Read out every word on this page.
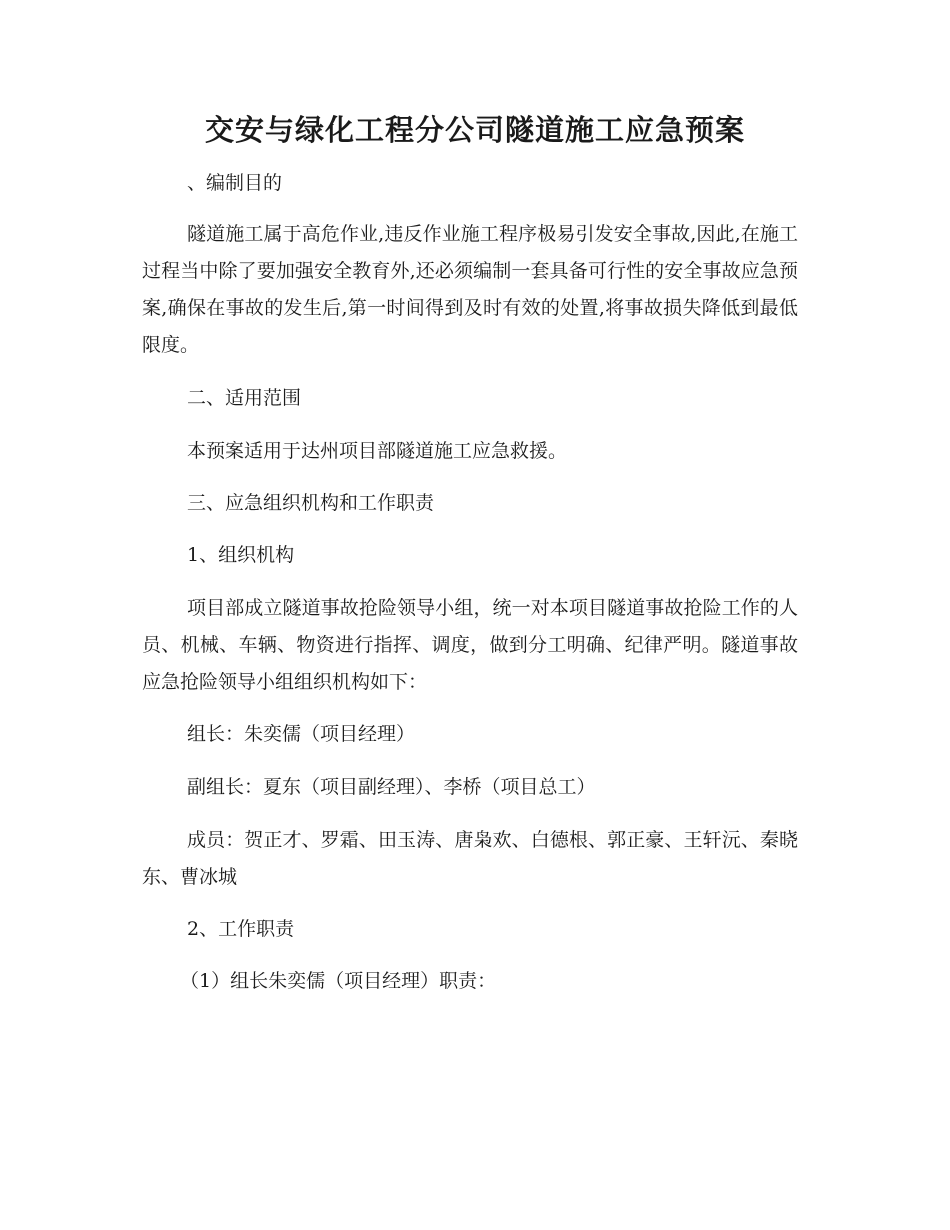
交安与绿化工程分公司隧道施工应急预案

、编制目的

隧道施工属于高危作业,违反作业施工程序极易引发安全事故,因此,在施工过程当中除了要加强安全教育外,还必须编制一套具备可行性的安全事故应急预案,确保在事故的发生后,第一时间得到及时有效的处置,将事故损失降低到最低限度。

二、适用范围

本预案适用于达州项目部隧道施工应急救援。

三、应急组织机构和工作职责

1、组织机构

项目部成立隧道事故抢险领导小组，统一对本项目隧道事故抢险工作的人员、机械、车辆、物资进行指挥、调度，做到分工明确、纪律严明。隧道事故应急抢险领导小组组织机构如下：

组长：朱奕儒（项目经理）

副组长：夏东（项目副经理）、李桥（项目总工）

成员：贺正才、罗霜、田玉涛、唐枭欢、白德根、郭正豪、王轩沅、秦晓东、曹冰城

2、工作职责

（1）组长朱奕儒（项目经理）职责：
